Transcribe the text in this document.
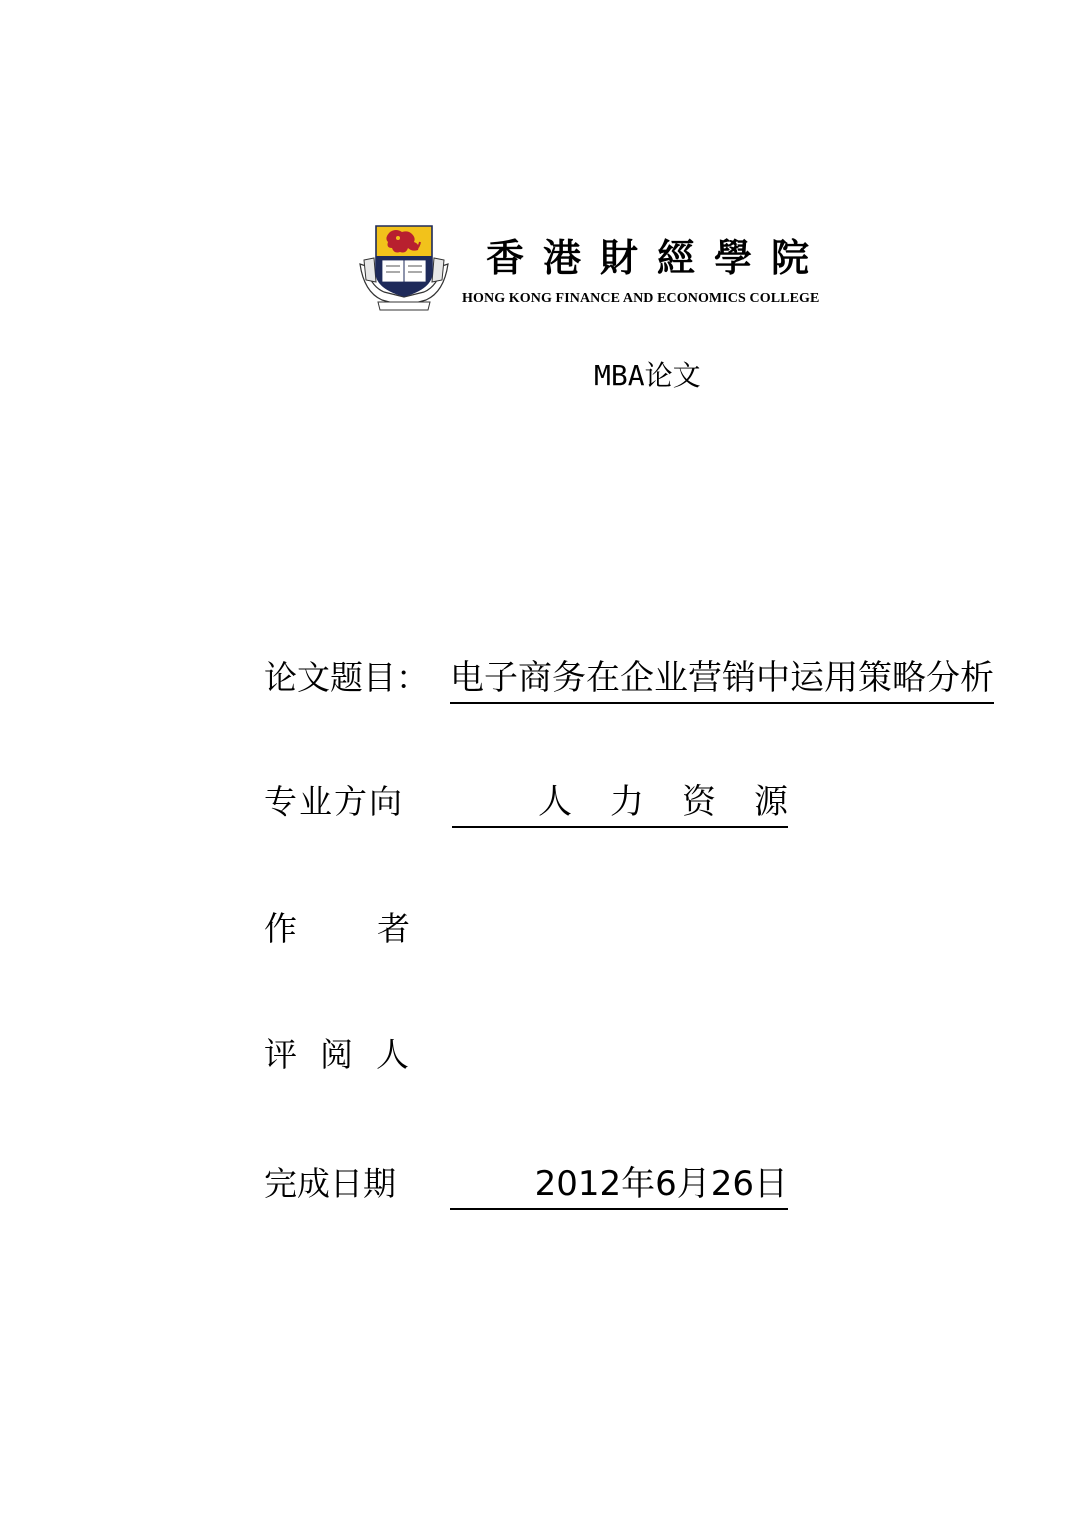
香港財經學院
HONG KONG FINANCE AND ECONOMICS COLLEGE
MBA论文
论文题目： 电子商务在企业营销中运用策略分析
专业方向	人力资源
作 者
评 阅 人
完成日期	2012年6月26日
